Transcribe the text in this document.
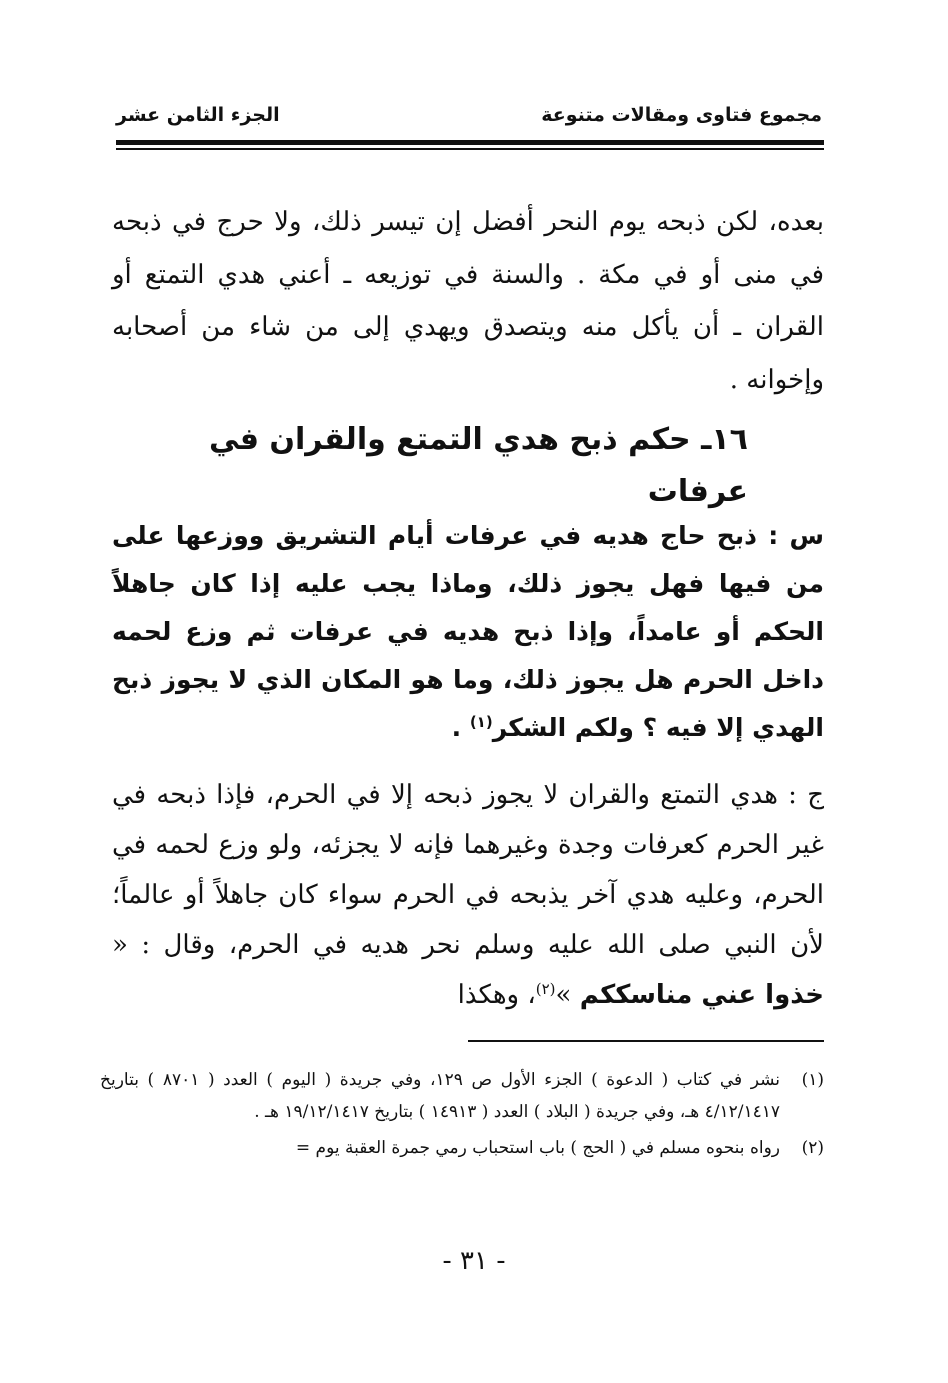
مجموع فتاوى ومقالات متنوعة
الجزء الثامن عشر

بعده، لكن ذبحه يوم النحر أفضل إن تيسر ذلك، ولا حرج في ذبحه في منى أو في مكة . والسنة في توزيعه ـ أعني هدي التمتع أو القران ـ أن يأكل منه ويتصدق ويهدي إلى من شاء من أصحابه وإخوانه .

١٦ـ حكم ذبح هدي التمتع والقران في عرفات

س : ذبح حاج هديه في عرفات أيام التشريق ووزعها على من فيها فهل يجوز ذلك، وماذا يجب عليه إذا كان جاهلاً الحكم أو عامداً، وإذا ذبح هديه في عرفات ثم وزع لحمه داخل الحرم هل يجوز ذلك، وما هو المكان الذي لا يجوز ذبح الهدي إلا فيه ؟ ولكم الشكر$^{(١)}$ .

ج : هدي التمتع والقران لا يجوز ذبحه إلا في الحرم، فإذا ذبحه في غير الحرم كعرفات وجدة وغيرهما فإنه لا يجزئه، ولو وزع لحمه في الحرم، وعليه هدي آخر يذبحه في الحرم سواء كان جاهلاً أو عالماً؛ لأن النبي صلى الله عليه وسلم نحر هديه في الحرم، وقال : « خذوا عني مناسككم »$^{(٢)}$، وهكذا

(١)
نشر في كتاب ( الدعوة ) الجزء الأول ص ١٢٩، وفي جريدة ( اليوم ) العدد ( ٨٧٠١ ) بتاريخ ٤/١٢/١٤١٧ هـ، وفي جريدة ( البلاد ) العدد ( ١٤٩١٣ ) بتاريخ ١٩/١٢/١٤١٧ هـ .
(٢)
رواه بنحوه مسلم في ( الحج ) باب استحباب رمي جمرة العقبة يوم =
- ٣١ -
